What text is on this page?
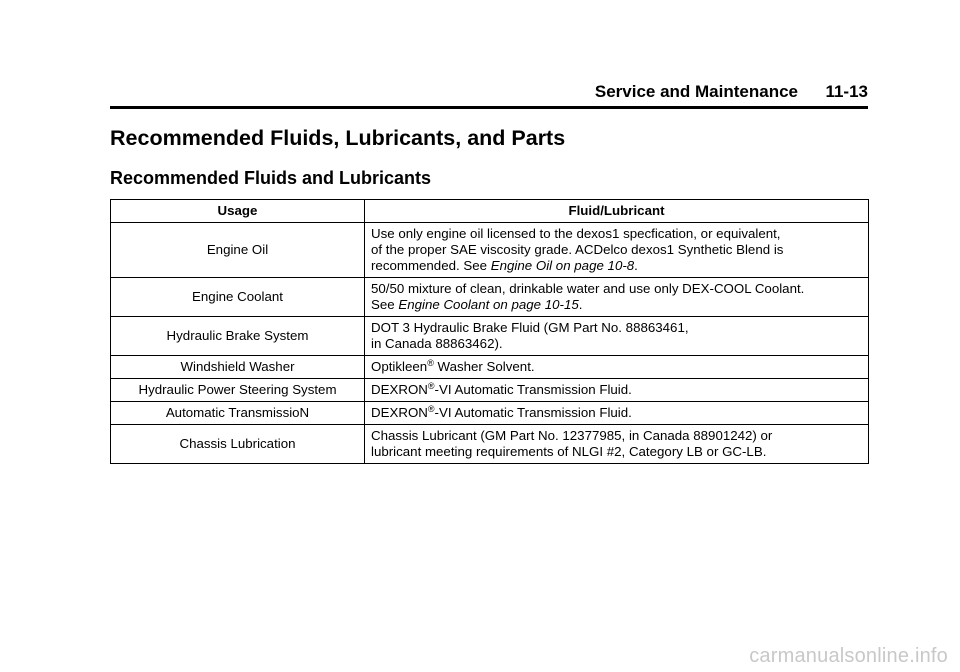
Service and Maintenance 11-13
Recommended Fluids, Lubricants, and Parts
Recommended Fluids and Lubricants
Usage	Fluid/Lubricant
Engine Oil	Use only engine oil licensed to the dexos1 specfication, or equivalent,
of the proper SAE viscosity grade. ACDelco dexos1 Synthetic Blend is
recommended. See Engine Oil on page 10-8.
Engine Coolant	50/50 mixture of clean, drinkable water and use only DEX-COOL Coolant.
See Engine Coolant on page 10-15.
Hydraulic Brake System	DOT 3 Hydraulic Brake Fluid (GM Part No. 88863461,
in Canada 88863462).
Windshield Washer	Optikleen® Washer Solvent.
Hydraulic Power Steering System	DEXRON®-VI Automatic Transmission Fluid.
Automatic TransmissioN	DEXRON®-VI Automatic Transmission Fluid.
Chassis Lubrication	Chassis Lubricant (GM Part No. 12377985, in Canada 88901242) or
lubricant meeting requirements of NLGI #2, Category LB or GC-LB.
carmanualsonline.info
